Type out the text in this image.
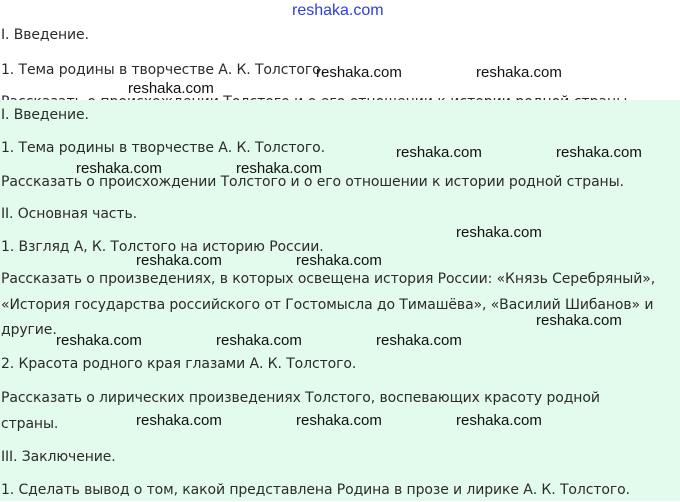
reshaka.com

I. Введение.

1. Тема родины в творчестве А. К. Толстого.

reshaka.com	reshaka.com
reshaka.com

I. Введение.

1. Тема родины в творчестве А. К. Толстого.

Рассказать о происхождении Толстого и о его отношении к истории родной страны.

II. Основная часть.

1. Взгляд А, К. Толстого на историю России.

Рассказать о произведениях, в которых освещена история России: «Князь Серебряный»,

«История государства российского от Гостомысла до Тимашёва», «Василий Шибанов» и

другие.

2. Красота родного края глазами А. К. Толстого.

Рассказать о лирических произведениях Толстого, воспевающих красоту родной

страны.

III. Заключение.

1. Сделать вывод о том, какой представлена Родина в прозе и лирике А. К. Толстого.

reshaka.com	reshaka.com
reshaka.com	reshaka.com
reshaka.com
reshaka.com	reshaka.com
reshaka.com
reshaka.com	reshaka.com	reshaka.com
reshaka.com	reshaka.com	reshaka.com
